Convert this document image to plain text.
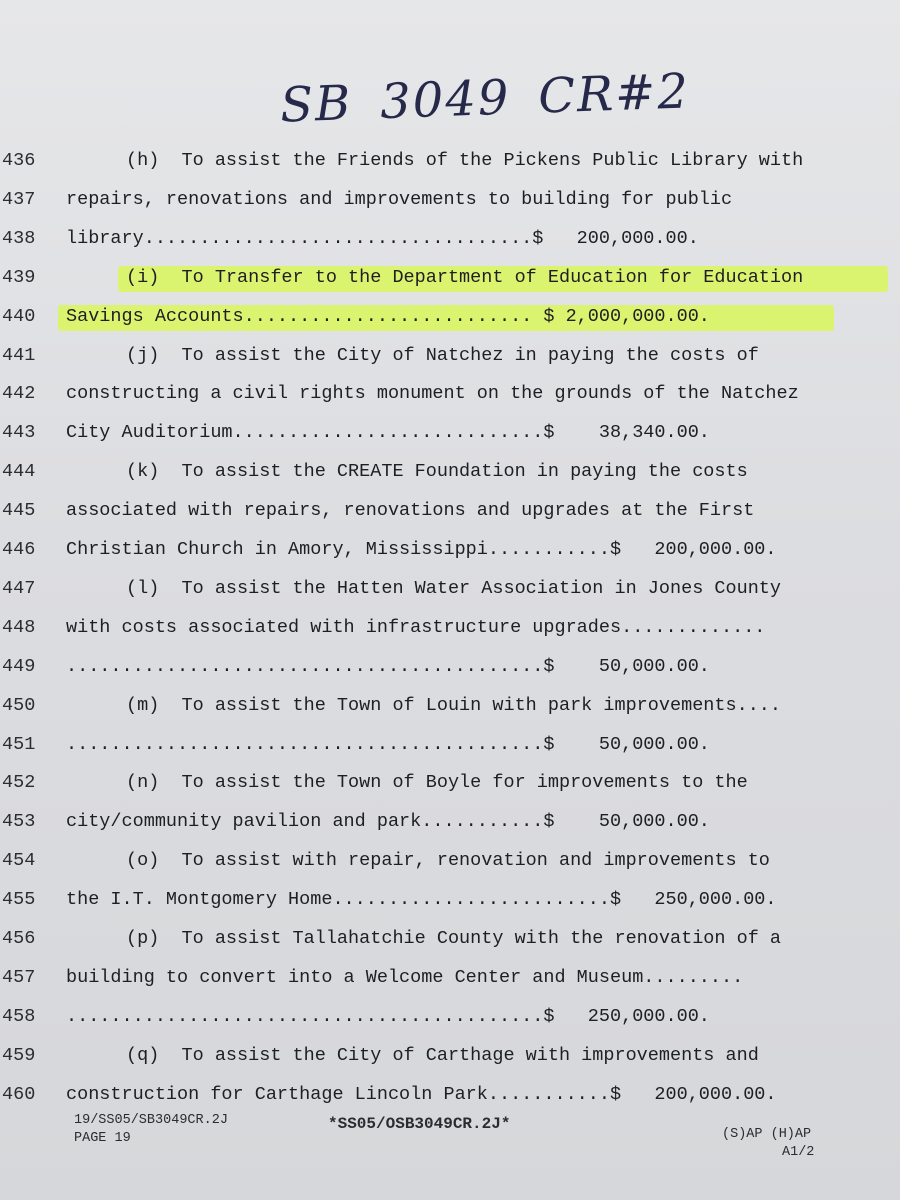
SB 3049 CR#2
436	(h)  To assist the Friends of the Pickens Public Library with
437	repairs, renovations and improvements to building for public
438	library...................................$   200,000.00.
439	(i)  To Transfer to the Department of Education for Education
440	Savings Accounts.......................... $ 2,000,000.00.
441	(j)  To assist the City of Natchez in paying the costs of
442	constructing a civil rights monument on the grounds of the Natchez
443	City Auditorium............................$    38,340.00.
444	(k)  To assist the CREATE Foundation in paying the costs
445	associated with repairs, renovations and upgrades at the First
446	Christian Church in Amory, Mississippi...........$   200,000.00.
447	(l)  To assist the Hatten Water Association in Jones County
448	with costs associated with infrastructure upgrades.............
449	...........................................$    50,000.00.
450	(m)  To assist the Town of Louin with park improvements....
451	...........................................$    50,000.00.
452	(n)  To assist the Town of Boyle for improvements to the
453	city/community pavilion and park...........$    50,000.00.
454	(o)  To assist with repair, renovation and improvements to
455	the I.T. Montgomery Home.........................$   250,000.00.
456	(p)  To assist Tallahatchie County with the renovation of a
457	building to convert into a Welcome Center and Museum.........
458	...........................................$   250,000.00.
459	(q)  To assist the City of Carthage with improvements and
460	construction for Carthage Lincoln Park...........$   200,000.00.
19/SS05/SB3049CR.2J
PAGE 19
*SS05/OSB3049CR.2J*
(S)AP (H)AP
A1/2
